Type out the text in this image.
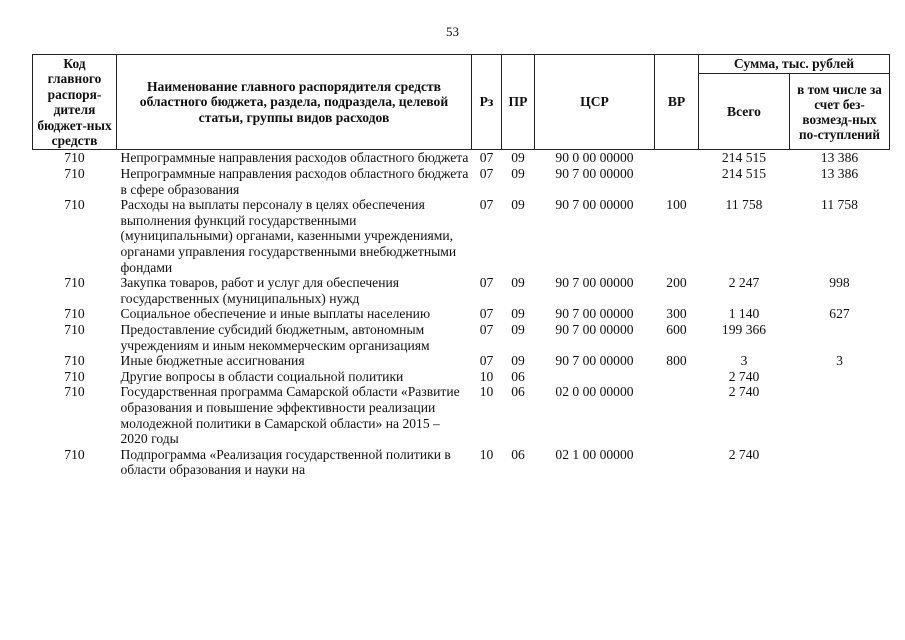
53
Код главного распоря-дителя бюджет-ных средств	Наименование главного распорядителя средств областного бюджета, раздела, подраздела, целевой статьи, группы видов расходов	Рз	ПР	ЦСР	ВР	Сумма, тыс. рублей	
						Всего	в том числе за счет без-возмезд-ных по-ступлений
710	Непрограммные направления расходов областного бюджета	07	09	90 0 00 00000		214 515	13 386
710	Непрограммные направления расходов областного бюджета в сфере образования	07	09	90 7 00 00000		214 515	13 386
710	Расходы на выплаты персоналу в целях обеспечения выполнения функций государственными (муниципальными) органами, казенными учреждениями, органами управления государственными внебюджетными фондами	07	09	90 7 00 00000	100	11 758	11 758
710	Закупка товаров, работ и услуг для обеспечения государственных (муниципальных) нужд	07	09	90 7 00 00000	200	2 247	998
710	Социальное обеспечение и иные выплаты населению	07	09	90 7 00 00000	300	1 140	627
710	Предоставление субсидий бюджетным, автономным учреждениям и иным некоммерческим организациям	07	09	90 7 00 00000	600	199 366	
710	Иные бюджетные ассигнования	07	09	90 7 00 00000	800	3	3
710	Другие вопросы в области социальной политики	10	06			2 740	
710	Государственная программа Самарской области «Развитие образования и повышение эффективности реализации молодежной политики в Самарской области» на 2015 – 2020 годы	10	06	02 0 00 00000		2 740	
710	Подпрограмма «Реализация государственной политики в области образования и науки на	10	06	02 1 00 00000		2 740	
